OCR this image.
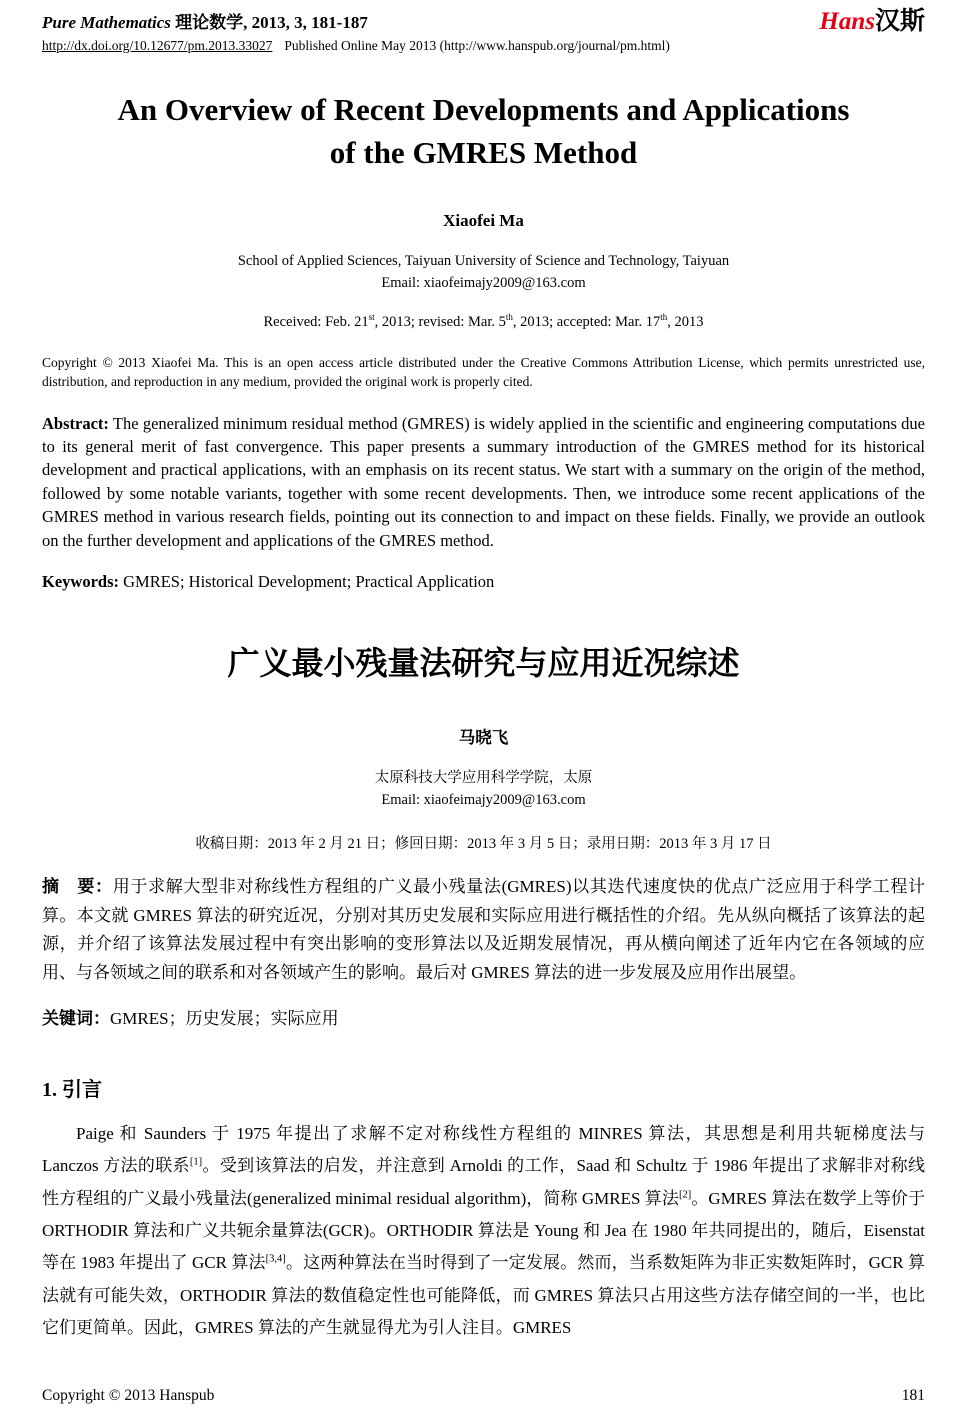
Pure Mathematics 理论数学, 2013, 3, 181-187
http://dx.doi.org/10.12677/pm.2013.33027 Published Online May 2013 (http://www.hanspub.org/journal/pm.html)
Hans汉斯
An Overview of Recent Developments and Applications
of the GMRES Method
Xiaofei Ma
School of Applied Sciences, Taiyuan University of Science and Technology, Taiyuan
Email: xiaofeimajy2009@163.com
Received: Feb. 21st, 2013; revised: Mar. 5th, 2013; accepted: Mar. 17th, 2013

Copyright © 2013 Xiaofei Ma. This is an open access article distributed under the Creative Commons Attribution License, which permits unrestricted use, distribution, and reproduction in any medium, provided the original work is properly cited.

Abstract: The generalized minimum residual method (GMRES) is widely applied in the scientific and engineering computations due to its general merit of fast convergence. This paper presents a summary introduction of the GMRES method for its historical development and practical applications, with an emphasis on its recent status. We start with a summary on the origin of the method, followed by some notable variants, together with some recent developments. Then, we introduce some recent applications of the GMRES method in various research fields, pointing out its connection to and impact on these fields. Finally, we provide an outlook on the further development and applications of the GMRES method.

Keywords: GMRES; Historical Development; Practical Application

广义最小残量法研究与应用近况综述
马晓飞
太原科技大学应用科学学院，太原
Email: xiaofeimajy2009@163.com
收稿日期：2013 年 2 月 21 日；修回日期：2013 年 3 月 5 日；录用日期：2013 年 3 月 17 日

摘　要：用于求解大型非对称线性方程组的广义最小残量法(GMRES)以其迭代速度快的优点广泛应用于科学工程计算。本文就 GMRES 算法的研究近况，分别对其历史发展和实际应用进行概括性的介绍。先从纵向概括了该算法的起源，并介绍了该算法发展过程中有突出影响的变形算法以及近期发展情况，再从横向阐述了近年内它在各领域的应用、与各领域之间的联系和对各领域产生的影响。最后对 GMRES 算法的进一步发展及应用作出展望。

关键词：GMRES；历史发展；实际应用

1. 引言

Paige 和 Saunders 于 1975 年提出了求解不定对称线性方程组的 MINRES 算法，其思想是利用共轭梯度法与 Lanczos 方法的联系[1]。受到该算法的启发，并注意到 Arnoldi 的工作，Saad 和 Schultz 于 1986 年提出了求解非对称线性方程组的广义最小残量法(generalized minimal residual algorithm)，简称 GMRES 算法[2]。GMRES 算法在数学上等价于 ORTHODIR 算法和广义共轭余量算法(GCR)。ORTHODIR 算法是 Young 和 Jea 在 1980 年共同提出的，随后，Eisenstat 等在 1983 年提出了 GCR 算法[3,4]。这两种算法在当时得到了一定发展。然而，当系数矩阵为非正实数矩阵时，GCR 算法就有可能失效，ORTHODIR 算法的数值稳定性也可能降低，而 GMRES 算法只占用这些方法存储空间的一半，也比它们更简单。因此，GMRES 算法的产生就显得尤为引人注目。GMRES

Copyright © 2013 Hanspub	181
